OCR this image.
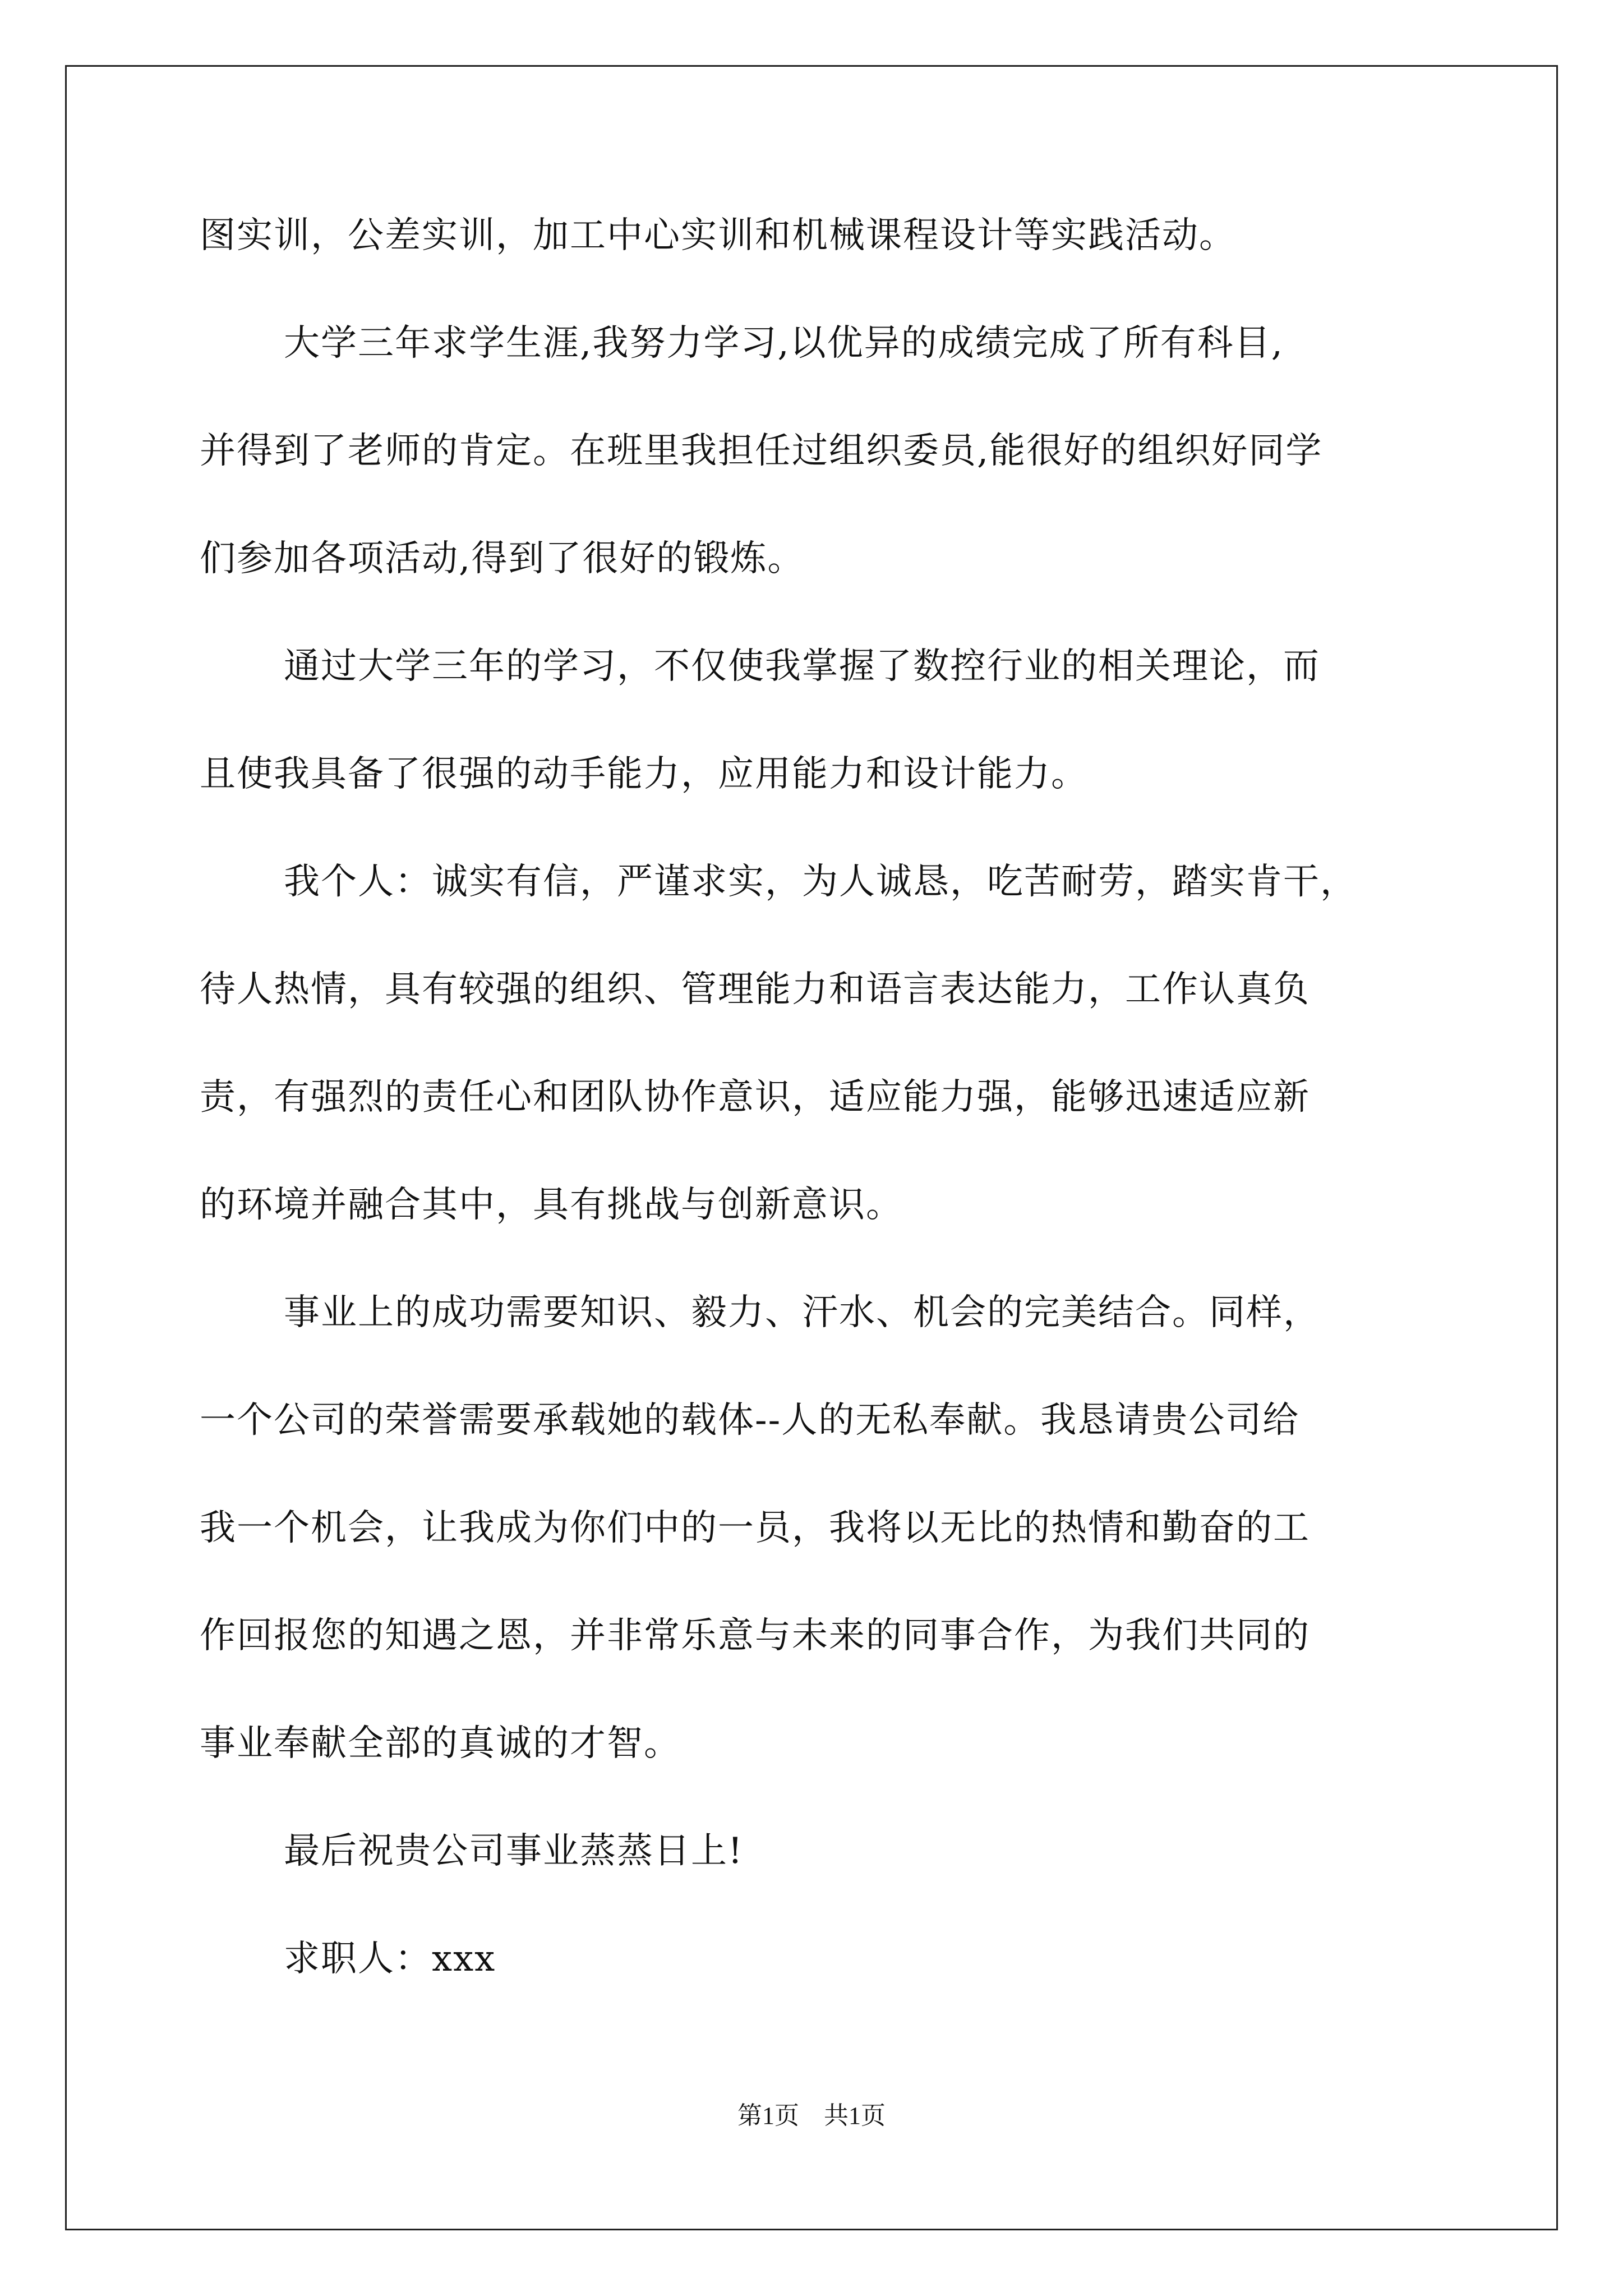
图实训，公差实训，加工中心实训和机械课程设计等实践活动。
大学三年求学生涯,我努力学习,以优异的成绩完成了所有科目,
并得到了老师的肯定。在班里我担任过组织委员,能很好的组织好同学
们参加各项活动,得到了很好的锻炼。
通过大学三年的学习，不仅使我掌握了数控行业的相关理论，而
且使我具备了很强的动手能力，应用能力和设计能力。
我个人：诚实有信，严谨求实，为人诚恳，吃苦耐劳，踏实肯干，
待人热情，具有较强的组织、管理能力和语言表达能力，工作认真负
责，有强烈的责任心和团队协作意识，适应能力强，能够迅速适应新
的环境并融合其中，具有挑战与创新意识。
事业上的成功需要知识、毅力、汗水、机会的完美结合。同样，
一个公司的荣誉需要承载她的载体--人的无私奉献。我恳请贵公司给
我一个机会，让我成为你们中的一员，我将以无比的热情和勤奋的工
作回报您的知遇之恩，并非常乐意与未来的同事合作，为我们共同的
事业奉献全部的真诚的才智。
最后祝贵公司事业蒸蒸日上!
求职人：xxx
第1页　共1页
